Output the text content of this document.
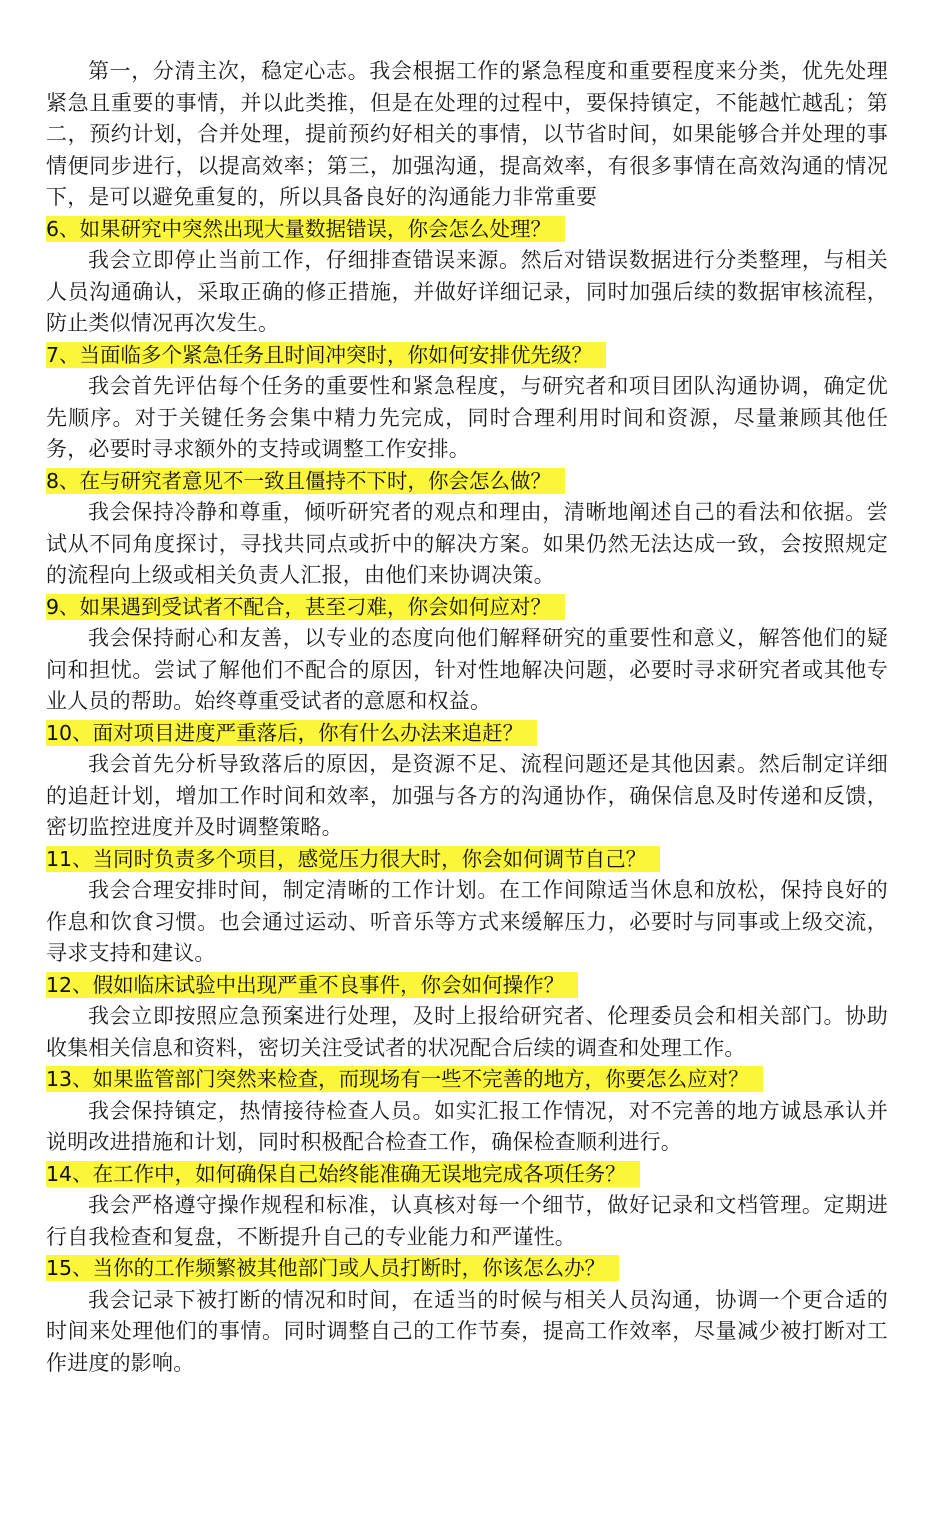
第一，分清主次，稳定心志。我会根据工作的紧急程度和重要程度来分类，优先处理紧急且重要的事情，并以此类推，但是在处理的过程中，要保持镇定，不能越忙越乱；第二，预约计划，合并处理，提前预约好相关的事情，以节省时间，如果能够合并处理的事情便同步进行，以提高效率；第三，加强沟通，提高效率，有很多事情在高效沟通的情况下，是可以避免重复的，所以具备良好的沟通能力非常重要

6、如果研究中突然出现大量数据错误，你会怎么处理？

我会立即停止当前工作，仔细排查错误来源。然后对错误数据进行分类整理，与相关人员沟通确认，采取正确的修正措施，并做好详细记录，同时加强后续的数据审核流程，防止类似情况再次发生。

7、当面临多个紧急任务且时间冲突时，你如何安排优先级？

我会首先评估每个任务的重要性和紧急程度，与研究者和项目团队沟通协调，确定优先顺序。对于关键任务会集中精力先完成，同时合理利用时间和资源，尽量兼顾其他任务，必要时寻求额外的支持或调整工作安排。

8、在与研究者意见不一致且僵持不下时，你会怎么做？

我会保持冷静和尊重，倾听研究者的观点和理由，清晰地阐述自己的看法和依据。尝试从不同角度探讨，寻找共同点或折中的解决方案。如果仍然无法达成一致，会按照规定的流程向上级或相关负责人汇报，由他们来协调决策。

9、如果遇到受试者不配合，甚至刁难，你会如何应对？

我会保持耐心和友善，以专业的态度向他们解释研究的重要性和意义，解答他们的疑问和担忧。尝试了解他们不配合的原因，针对性地解决问题，必要时寻求研究者或其他专业人员的帮助。始终尊重受试者的意愿和权益。

10、面对项目进度严重落后，你有什么办法来追赶？

我会首先分析导致落后的原因，是资源不足、流程问题还是其他因素。然后制定详细的追赶计划，增加工作时间和效率，加强与各方的沟通协作，确保信息及时传递和反馈，密切监控进度并及时调整策略。

11、当同时负责多个项目，感觉压力很大时，你会如何调节自己？

我会合理安排时间，制定清晰的工作计划。在工作间隙适当休息和放松，保持良好的作息和饮食习惯。也会通过运动、听音乐等方式来缓解压力，必要时与同事或上级交流，寻求支持和建议。

12、假如临床试验中出现严重不良事件，你会如何操作？

我会立即按照应急预案进行处理，及时上报给研究者、伦理委员会和相关部门。协助收集相关信息和资料，密切关注受试者的状况配合后续的调查和处理工作。

13、如果监管部门突然来检查，而现场有一些不完善的地方，你要怎么应对？

我会保持镇定，热情接待检查人员。如实汇报工作情况，对不完善的地方诚恳承认并说明改进措施和计划，同时积极配合检查工作，确保检查顺利进行。

14、在工作中，如何确保自己始终能准确无误地完成各项任务？

我会严格遵守操作规程和标准，认真核对每一个细节，做好记录和文档管理。定期进行自我检查和复盘，不断提升自己的专业能力和严谨性。

15、当你的工作频繁被其他部门或人员打断时，你该怎么办？

我会记录下被打断的情况和时间，在适当的时候与相关人员沟通，协调一个更合适的时间来处理他们的事情。同时调整自己的工作节奏，提高工作效率，尽量减少被打断对工作进度的影响。
